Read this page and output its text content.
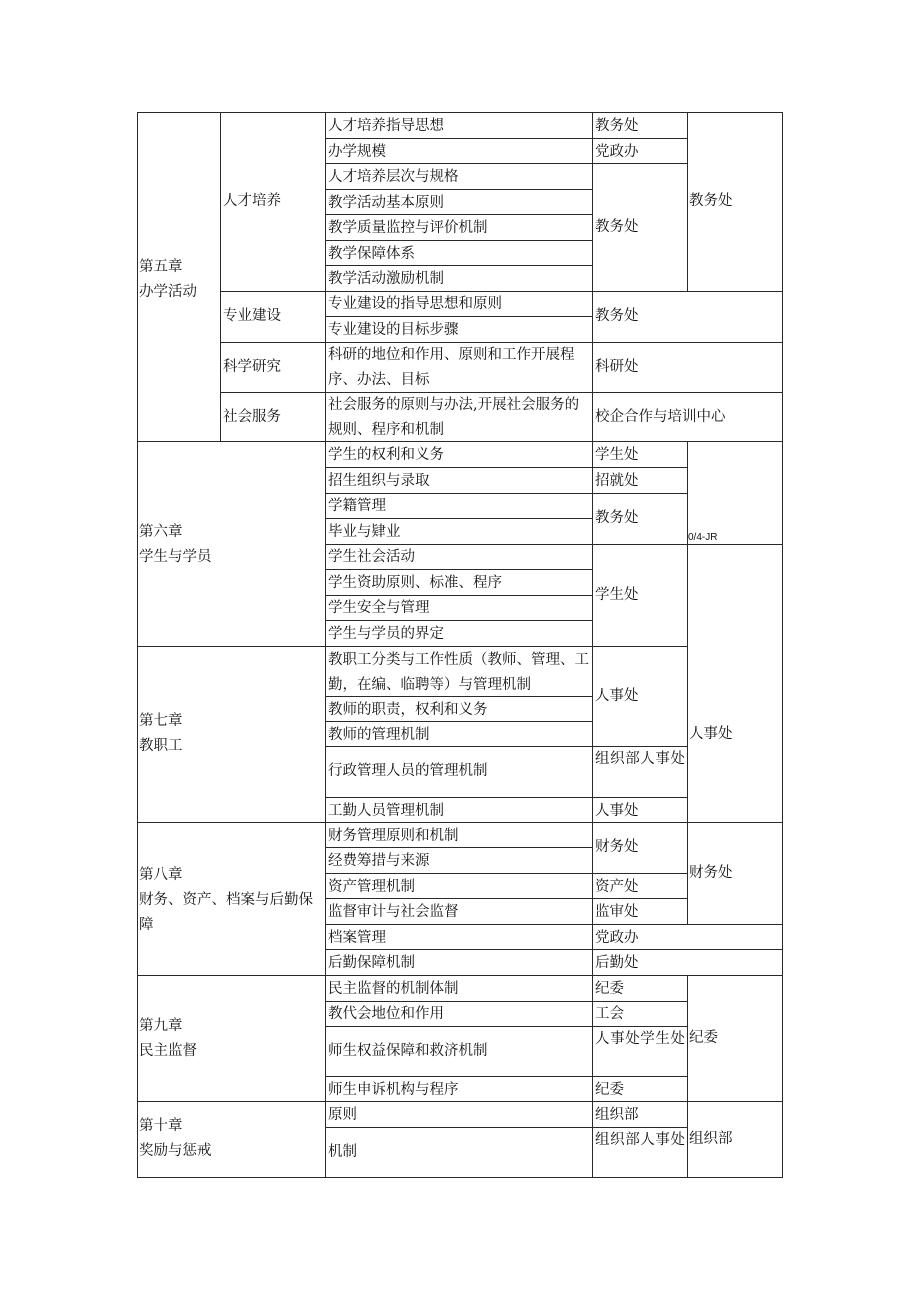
第五章
办学活动
人才培养
人才培养指导思想
办学规模
人才培养层次与规格
教学活动基本原则
教学质量监控与评价机制
教学保障体系
教学活动激励机制
教务处
党政办
教务处
教务处
专业建设
专业建设的指导思想和原则
专业建设的目标步骤
教务处
科学研究
科研的地位和作用、原则和工作开展程序、办法、目标
科研处
社会服务
社会服务的原则与办法,开展社会服务的规则、程序和机制
校企合作与培训中心
第六章
学生与学员
学生的权利和义务
招生组织与录取
学籍管理
毕业与肄业
学生社会活动
学生资助原则、标准、程序
学生安全与管理
学生与学员的界定
学生处
招就处
教务处
学生处
0/4-JR
第七章
教职工
教职工分类与工作性质（教师、管理、工勤，在编、临聘等）与管理机制
教师的职责，权利和义务
教师的管理机制
行政管理人员的管理机制
工勤人员管理机制
人事处
组织部人事处
人事处
人事处
第八章
财务、资产、档案与后勤保障
财务管理原则和机制
经费筹措与来源
资产管理机制
监督审计与社会监督
档案管理
后勤保障机制
财务处
资产处
监审处
党政办
后勤处
财务处
第九章
民主监督
民主监督的机制体制
教代会地位和作用
师生权益保障和救济机制
师生申诉机构与程序
纪委
工会
人事处学生处
纪委
纪委
第十章
奖励与惩戒
原则
机制
组织部
组织部人事处 组织部
